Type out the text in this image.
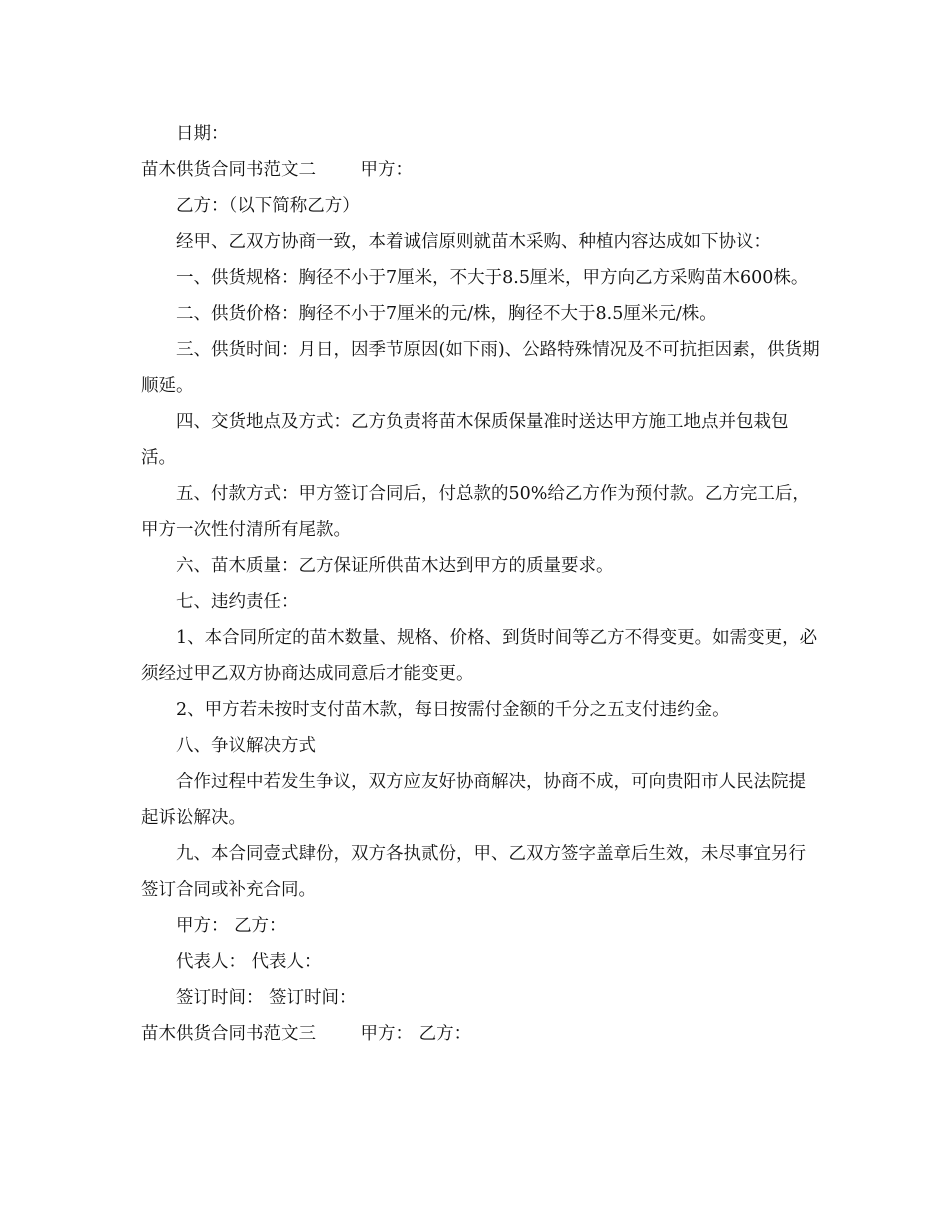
日期：

苗木供货合同书范文二        甲方：

乙方：（以下简称乙方）

经甲、乙双方协商一致，本着诚信原则就苗木采购、种植内容达成如下协议：

一、供货规格：胸径不小于7厘米，不大于8.5厘米，甲方向乙方采购苗木600株。

二、供货价格：胸径不小于7厘米的元/株，胸径不大于8.5厘米元/株。

三、供货时间：月日，因季节原因(如下雨)、公路特殊情况及不可抗拒因素，供货期顺延。

四、交货地点及方式：乙方负责将苗木保质保量准时送达甲方施工地点并包栽包活。

五、付款方式：甲方签订合同后，付总款的50%给乙方作为预付款。乙方完工后，甲方一次性付清所有尾款。

六、苗木质量：乙方保证所供苗木达到甲方的质量要求。

七、违约责任：

1、本合同所定的苗木数量、规格、价格、到货时间等乙方不得变更。如需变更，必须经过甲乙双方协商达成同意后才能变更。

2、甲方若未按时支付苗木款，每日按需付金额的千分之五支付违约金。

八、争议解决方式

合作过程中若发生争议，双方应友好协商解决，协商不成，可向贵阳市人民法院提起诉讼解决。

九、本合同壹式肆份，双方各执贰份，甲、乙双方签字盖章后生效，未尽事宜另行签订合同或补充合同。

甲方： 乙方：

代表人： 代表人：

签订时间： 签订时间：

苗木供货合同书范文三        甲方： 乙方：
